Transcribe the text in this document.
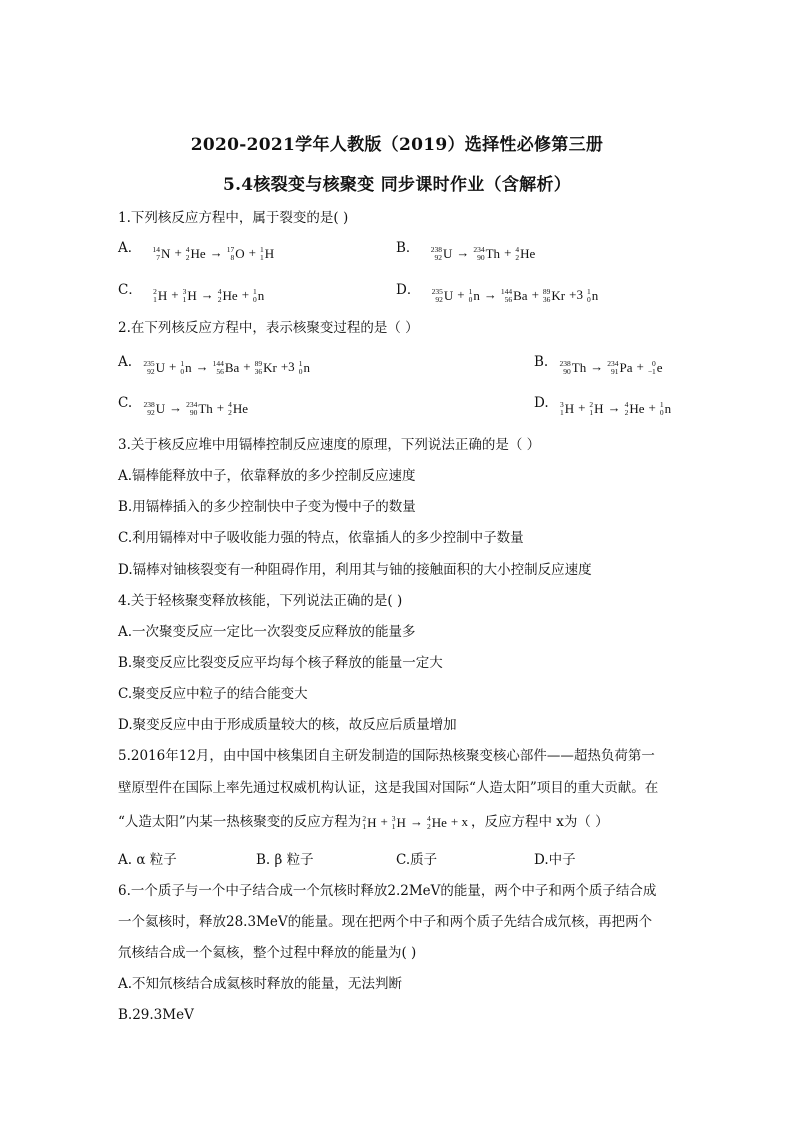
2020-2021学年人教版（2019）选择性必修第三册
5.4核裂变与核聚变 同步课时作业（含解析）
1.下列核反应方程中，属于裂变的是( )
A． 14
7 N + 4
2 He → 17
8 O + 1
1 H	B． 238
92 U → 234
90 Th + 4
2 He
C． 2
1 H + 3
1 H → 4
2 He + 1
0 n	D． 235
92 U + 1
0 n → 144
56 Ba + 89
36 Kr +3 1
0 n
2.在下列核反应方程中，表示核聚变过程的是（ ）
A. 235
92 U + 1
0 n → 144
56 Ba + 89
36 Kr +3 1
0 n	B. 238
90 Th → 234
91 Pa + 0
−1 e
C. 238
92 U → 234
90 Th + 4
2 He	D. 3
1 H + 2
1 H → 4
2 He + 1
0 n
3.关于核反应堆中用镉棒控制反应速度的原理，下列说法正确的是（ ）
A.镉棒能释放中子，依靠释放的多少控制反应速度
B.用镉棒插入的多少控制快中子变为慢中子的数量
C.利用镉棒对中子吸收能力强的特点，依靠插人的多少控制中子数量
D.镉棒对铀核裂变有一种阻碍作用，利用其与铀的接触面积的大小控制反应速度
4.关于轻核聚变释放核能，下列说法正确的是( )
A.一次聚变反应一定比一次裂变反应释放的能量多
B.聚变反应比裂变反应平均每个核子释放的能量一定大
C.聚变反应中粒子的结合能变大
D.聚变反应中由于形成质量较大的核，故反应后质量增加
5.2016年12月，由中国中核集团自主研发制造的国际热核聚变核心部件——超热负荷第一
壁原型件在国际上率先通过权威机构认证，这是我国对国际“人造太阳”项目的重大贡献。在
“人造太阳”内某一热核聚变的反应方程为 2
1 H + 3
1 H → 4
2 He + x ，反应方程中 x为（ ）
A. α 粒子	B. β 粒子	C.质子	D.中子
6.一个质子与一个中子结合成一个氘核时释放2.2MeV的能量，两个中子和两个质子结合成
一个氦核时，释放28.3MeV的能量。现在把两个中子和两个质子先结合成氘核，再把两个
氘核结合成一个氦核，整个过程中释放的能量为( )
A.不知氘核结合成氦核时释放的能量，无法判断
B.29.3MeV
